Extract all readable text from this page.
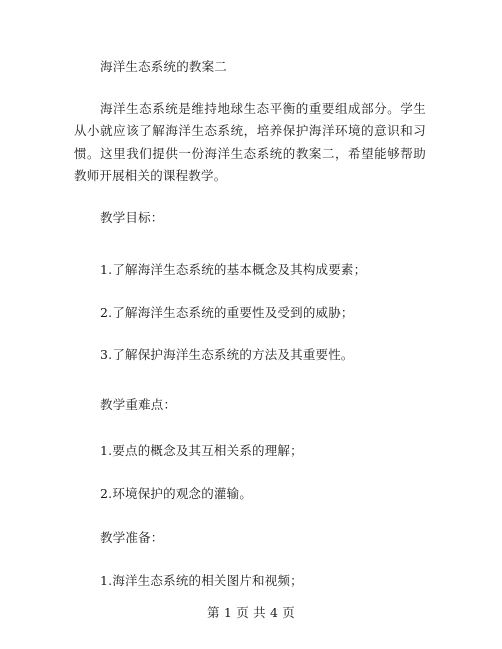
海洋生态系统的教案二

海洋生态系统是维持地球生态平衡的重要组成部分。学生从小就应该了解海洋生态系统，培养保护海洋环境的意识和习惯。这里我们提供一份海洋生态系统的教案二，希望能够帮助教师开展相关的课程教学。

教学目标：
1.了解海洋生态系统的基本概念及其构成要素；
2.了解海洋生态系统的重要性及受到的威胁；
3.了解保护海洋生态系统的方法及其重要性。
教学重难点：
1.要点的概念及其互相关系的理解；
2.环境保护的观念的灌输。
教学准备：
1.海洋生态系统的相关图片和视频；
第 1 页 共 4 页
